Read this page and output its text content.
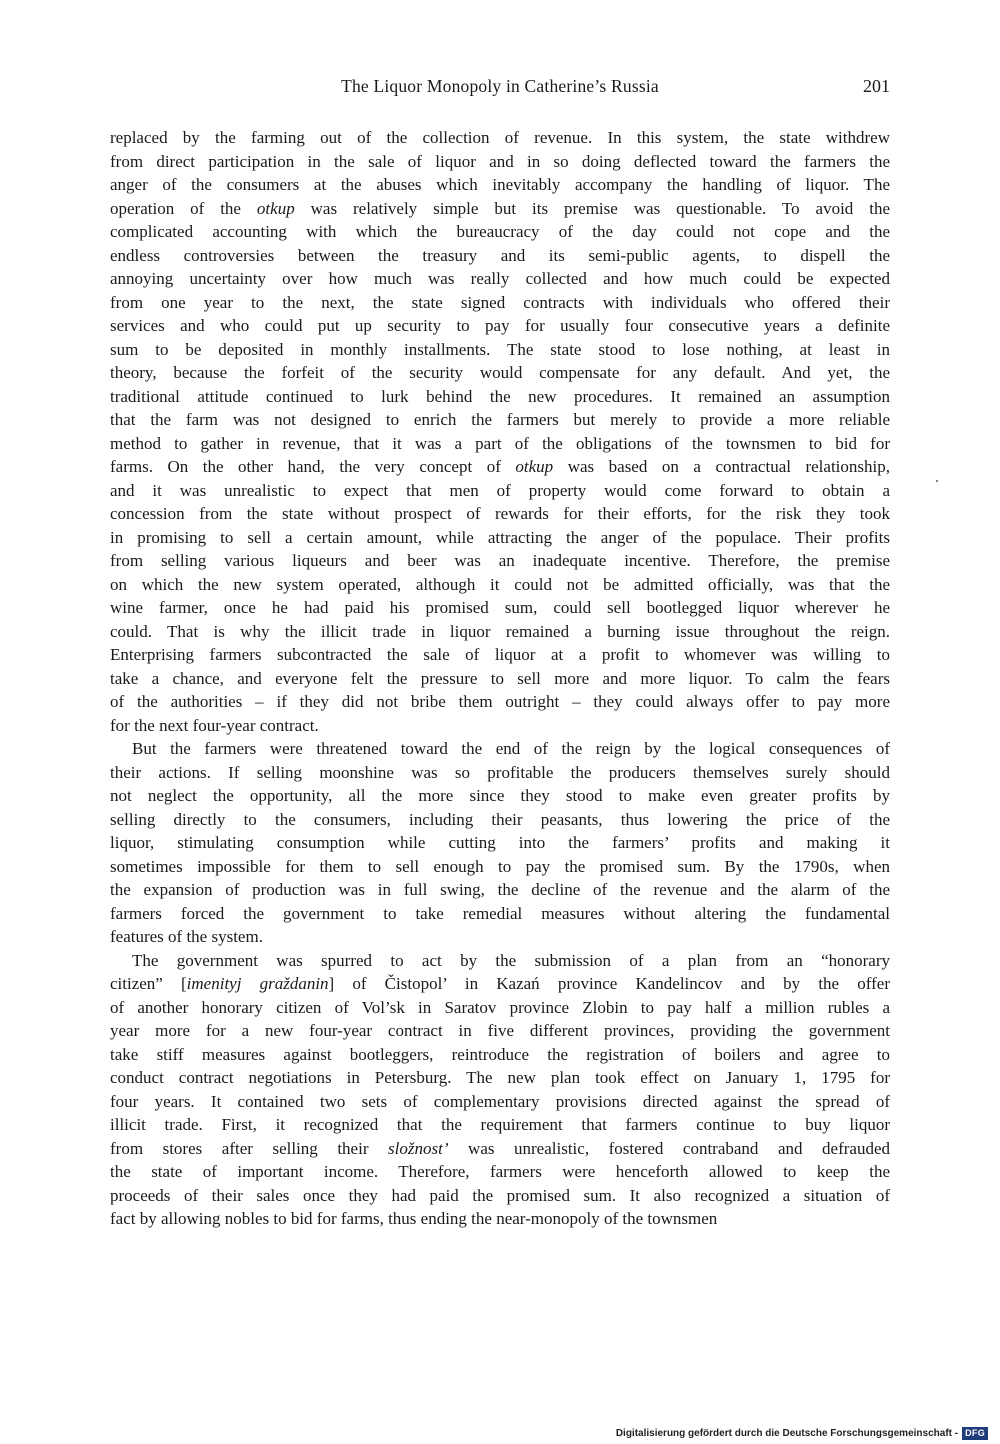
The Liquor Monopoly in Catherine’s Russia	201
replaced by the farming out of the collection of revenue. In this system, the state withdrew
from direct participation in the sale of liquor and in so doing deflected toward the farmers the
anger of the consumers at the abuses which inevitably accompany the handling of liquor. The
operation of the otkup was relatively simple but its premise was questionable. To avoid the
complicated accounting with which the bureaucracy of the day could not cope and the
endless controversies between the treasury and its semi-public agents, to dispell the
annoying uncertainty over how much was really collected and how much could be expected
from one year to the next, the state signed contracts with individuals who offered their
services and who could put up security to pay for usually four consecutive years a definite
sum to be deposited in monthly installments. The state stood to lose nothing, at least in
theory, because the forfeit of the security would compensate for any default. And yet, the
traditional attitude continued to lurk behind the new procedures. It remained an assumption
that the farm was not designed to enrich the farmers but merely to provide a more reliable
method to gather in revenue, that it was a part of the obligations of the townsmen to bid for
farms. On the other hand, the very concept of otkup was based on a contractual relationship,
and it was unrealistic to expect that men of property would come forward to obtain a
concession from the state without prospect of rewards for their efforts, for the risk they took
in promising to sell a certain amount, while attracting the anger of the populace. Their profits
from selling various liqueurs and beer was an inadequate incentive. Therefore, the premise
on which the new system operated, although it could not be admitted officially, was that the
wine farmer, once he had paid his promised sum, could sell bootlegged liquor wherever he
could. That is why the illicit trade in liquor remained a burning issue throughout the reign.
Enterprising farmers subcontracted the sale of liquor at a profit to whomever was willing to
take a chance, and everyone felt the pressure to sell more and more liquor. To calm the fears
of the authorities – if they did not bribe them outright – they could always offer to pay more
for the next four-year contract.
But the farmers were threatened toward the end of the reign by the logical consequences of
their actions. If selling moonshine was so profitable the producers themselves surely should
not neglect the opportunity, all the more since they stood to make even greater profits by
selling directly to the consumers, including their peasants, thus lowering the price of the
liquor, stimulating consumption while cutting into the farmers’ profits and making it
sometimes impossible for them to sell enough to pay the promised sum. By the 1790s, when
the expansion of production was in full swing, the decline of the revenue and the alarm of the
farmers forced the government to take remedial measures without altering the fundamental
features of the system.
The government was spurred to act by the submission of a plan from an “honorary
citizen” [imenityj graždanin] of Čistopol’ in Kazań province Kandelincov and by the offer
of another honorary citizen of Vol’sk in Saratov province Zlobin to pay half a million rubles a
year more for a new four-year contract in five different provinces, providing the government
take stiff measures against bootleggers, reintroduce the registration of boilers and agree to
conduct contract negotiations in Petersburg. The new plan took effect on January 1, 1795 for
four years. It contained two sets of complementary provisions directed against the spread of
illicit trade. First, it recognized that the requirement that farmers continue to buy liquor
from stores after selling their složnost’ was unrealistic, fostered contraband and defrauded
the state of important income. Therefore, farmers were henceforth allowed to keep the
proceeds of their sales once they had paid the promised sum. It also recognized a situation of
fact by allowing nobles to bid for farms, thus ending the near-monopoly of the townsmen
Digitalisierung gefördert durch die Deutsche Forschungsgemeinschaft - DFG
